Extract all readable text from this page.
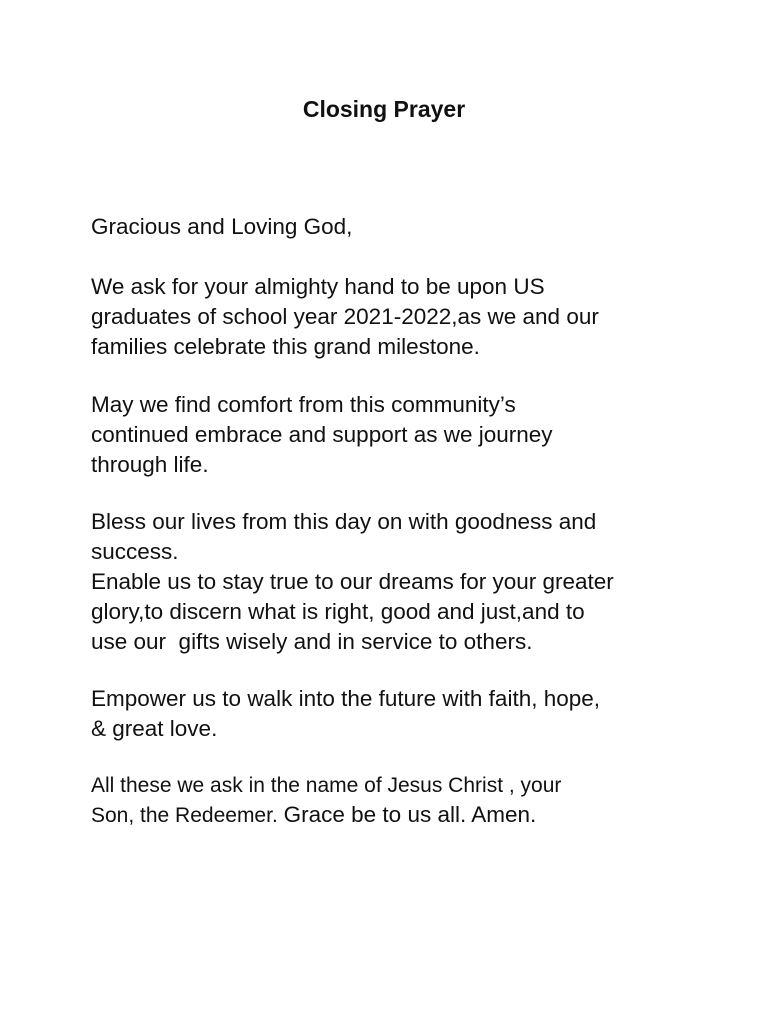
Closing Prayer

Gracious and Loving God,

We ask for your almighty hand to be upon US
graduates of school year 2021-2022,as we and our
families celebrate this grand milestone.

May we find comfort from this community’s
continued embrace and support as we journey
through life.

Bless our lives from this day on with goodness and
success.
Enable us to stay true to our dreams for your greater
glory,to discern what is right, good and just,and to
use our  gifts wisely and in service to others.

Empower us to walk into the future with faith, hope,
& great love.

All these we ask in the name of Jesus Christ , your
Son, the Redeemer. Grace be to us all. Amen.
